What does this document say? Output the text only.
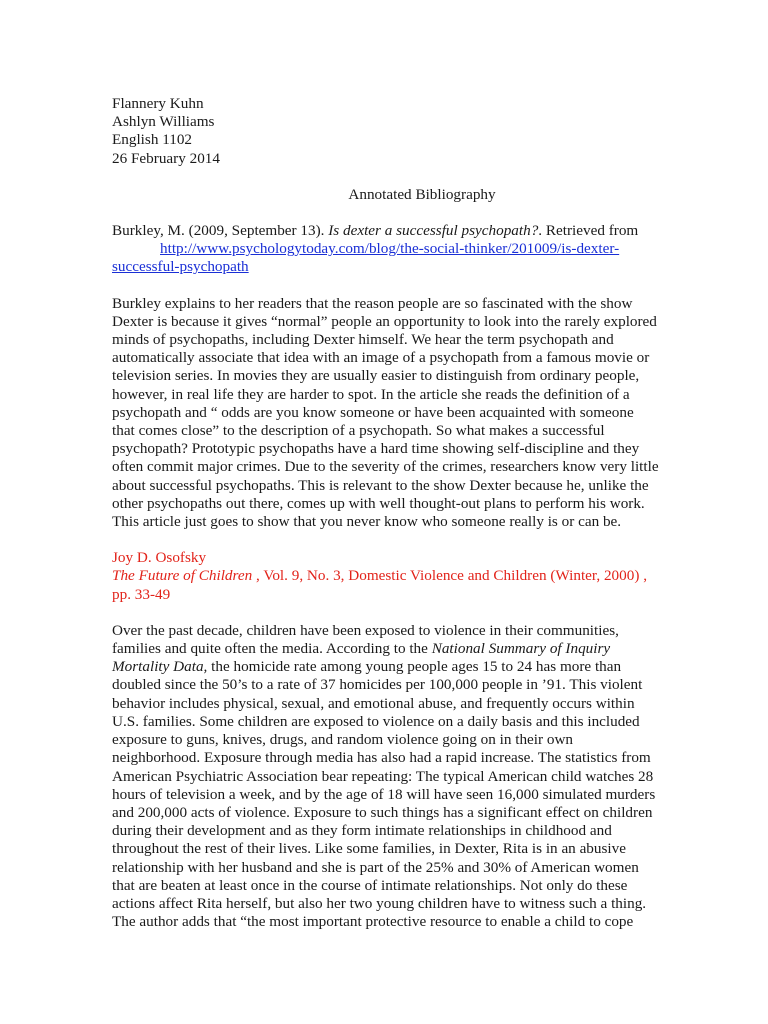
Flannery Kuhn

Ashlyn Williams

English 1102

26 February 2014

Annotated Bibliography

Burkley, M. (2009, September 13). Is dexter a successful psychopath?. Retrieved from
http://www.psychologytoday.com/blog/the-social-thinker/201009/is-dexter-
successful-psychopath
Burkley explains to her readers that the reason people are so fascinated with the show
Dexter is because it gives “normal” people an opportunity to look into the rarely explored
minds of psychopaths, including Dexter himself. We hear the term psychopath and
automatically associate that idea with an image of a psychopath from a famous movie or
television series. In movies they are usually easier to distinguish from ordinary people,
however, in real life they are harder to spot. In the article she reads the definition of a
psychopath and “ odds are you know someone or have been acquainted with someone
that comes close” to the description of a psychopath. So what makes a successful
psychopath? Prototypic psychopaths have a hard time showing self-discipline and they
often commit major crimes. Due to the severity of the crimes, researchers know very little
about successful psychopaths. This is relevant to the show Dexter because he, unlike the
other psychopaths out there, comes up with well thought-out plans to perform his work.
This article just goes to show that you never know who someone really is or can be.
Joy D. Osofsky
The Future of Children , Vol. 9, No. 3, Domestic Violence and Children (Winter, 2000) ,
pp. 33-49
Over the past decade, children have been exposed to violence in their communities,
families and quite often the media. According to the National Summary of Inquiry
Mortality Data, the homicide rate among young people ages 15 to 24 has more than
doubled since the 50’s to a rate of 37 homicides per 100,000 people in ’91. This violent
behavior includes physical, sexual, and emotional abuse, and frequently occurs within
U.S. families. Some children are exposed to violence on a daily basis and this included
exposure to guns, knives, drugs, and random violence going on in their own
neighborhood. Exposure through media has also had a rapid increase. The statistics from
American Psychiatric Association bear repeating: The typical American child watches 28
hours of television a week, and by the age of 18 will have seen 16,000 simulated murders
and 200,000 acts of violence. Exposure to such things has a significant effect on children
during their development and as they form intimate relationships in childhood and
throughout the rest of their lives. Like some families, in Dexter, Rita is in an abusive
relationship with her husband and she is part of the 25% and 30% of American women
that are beaten at least once in the course of intimate relationships. Not only do these
actions affect Rita herself, but also her two young children have to witness such a thing.
The author adds that “the most important protective resource to enable a child to cope
